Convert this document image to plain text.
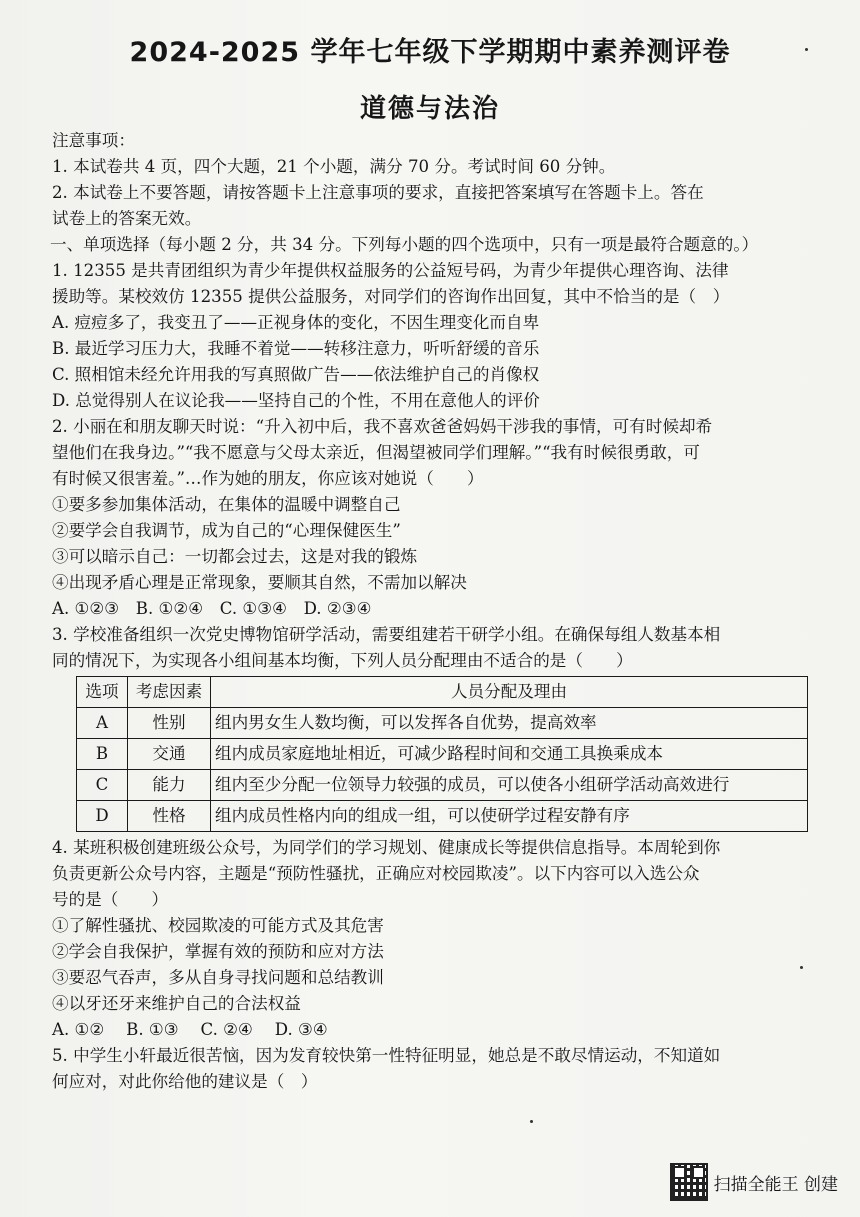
2024-2025 学年七年级下学期期中素养测评卷
道德与法治
注意事项：
1. 本试卷共 4 页，四个大题，21 个小题，满分 70 分。考试时间 60 分钟。
2. 本试卷上不要答题，请按答题卡上注意事项的要求，直接把答案填写在答题卡上。答在
试卷上的答案无效。
一、单项选择（每小题 2 分，共 34 分。下列每小题的四个选项中，只有一项是最符合题意的。）
1. 12355 是共青团组织为青少年提供权益服务的公益短号码，为青少年提供心理咨询、法律
援助等。某校效仿 12355 提供公益服务，对同学们的咨询作出回复，其中不恰当的是（　）
A. 痘痘多了，我变丑了——正视身体的变化，不因生理变化而自卑
B. 最近学习压力大，我睡不着觉——转移注意力，听听舒缓的音乐
C. 照相馆未经允许用我的写真照做广告——依法维护自己的肖像权
D. 总觉得别人在议论我——坚持自己的个性，不用在意他人的评价
2. 小丽在和朋友聊天时说：“升入初中后，我不喜欢爸爸妈妈干涉我的事情，可有时候却希
望他们在我身边。”“我不愿意与父母太亲近，但渴望被同学们理解。”“我有时候很勇敢，可
有时候又很害羞。”…作为她的朋友，你应该对她说（　　）
①要多参加集体活动，在集体的温暖中调整自己
②要学会自我调节，成为自己的“心理保健医生”
③可以暗示自己：一切都会过去，这是对我的锻炼
④出现矛盾心理是正常现象，要顺其自然，不需加以解决
A. ①②③　B. ①②④　C. ①③④　D. ②③④
3. 学校准备组织一次党史博物馆研学活动，需要组建若干研学小组。在确保每组人数基本相
同的情况下，为实现各小组间基本均衡，下列人员分配理由不适合的是（　　）
选项	考虑因素	人员分配及理由
A	性别	组内男女生人数均衡，可以发挥各自优势，提高效率
B	交通	组内成员家庭地址相近，可减少路程时间和交通工具换乘成本
C	能力	组内至少分配一位领导力较强的成员，可以使各小组研学活动高效进行
D	性格	组内成员性格内向的组成一组，可以使研学过程安静有序
4. 某班积极创建班级公众号，为同学们的学习规划、健康成长等提供信息指导。本周轮到你
负责更新公众号内容，主题是“预防性骚扰，正确应对校园欺凌”。以下内容可以入选公众
号的是（　　）
①了解性骚扰、校园欺凌的可能方式及其危害
②学会自我保护，掌握有效的预防和应对方法
③要忍气吞声，多从自身寻找问题和总结教训
④以牙还牙来维护自己的合法权益
A. ①②　 B. ①③　 C. ②④　 D. ③④
5. 中学生小轩最近很苦恼，因为发育较快第一性特征明显，她总是不敢尽情运动，不知道如
何应对，对此你给他的建议是（　）
扫描全能王 创建
